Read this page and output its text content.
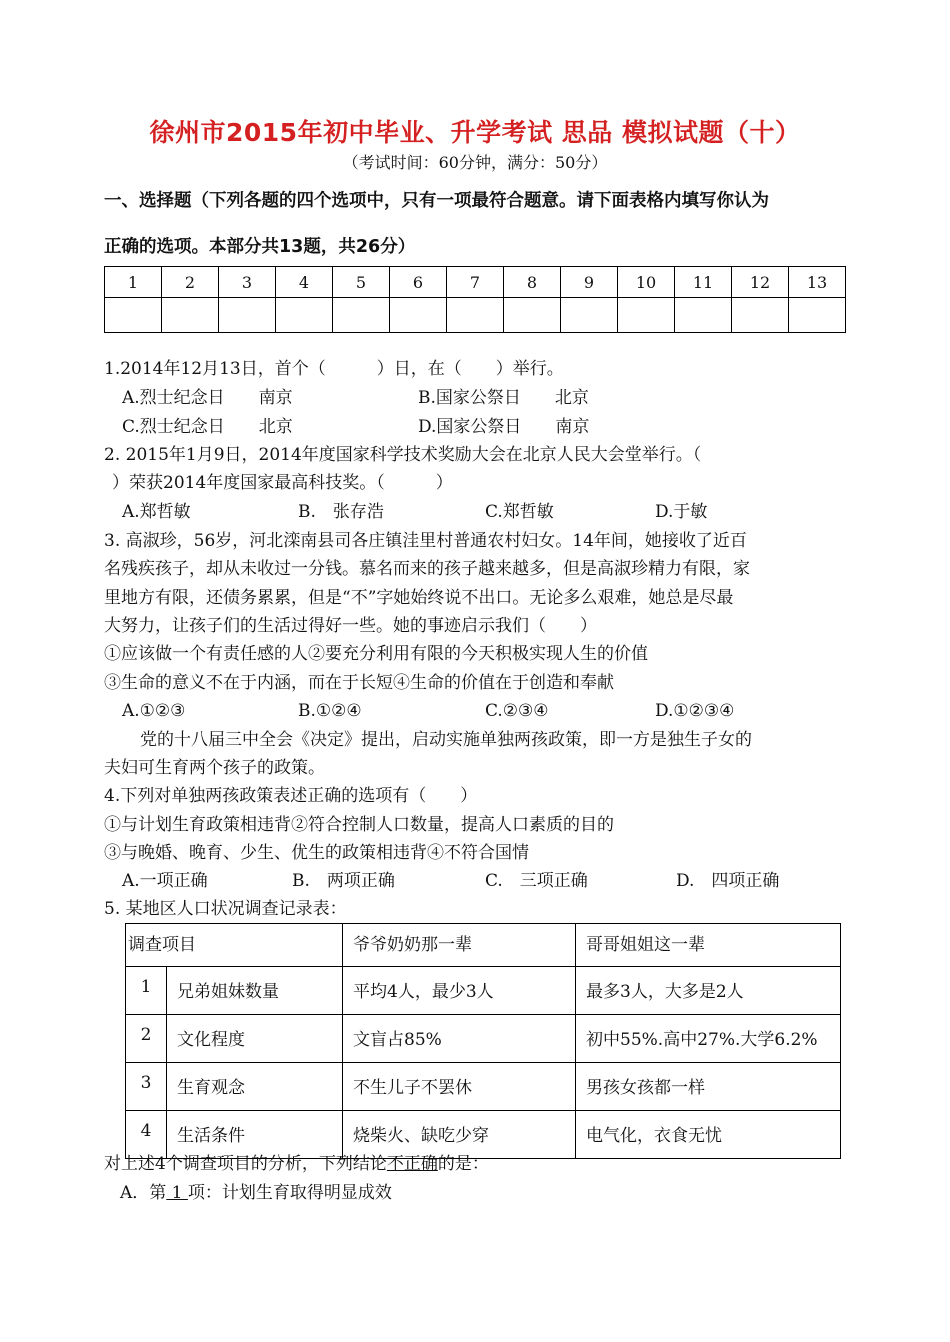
徐州市2015年初中毕业、升学考试 思品 模拟试题（十）
（考试时间：60分钟，满分：50分）
一、选择题（下列各题的四个选项中，只有一项最符合题意。请下面表格内填写你认为
正确的选项。本部分共13题，共26分）
1	2	3	4	5	6	7	8	9	10	11	12	13

1.2014年12月13日，首个（　　　）日，在（　　）举行。
A.烈士纪念日　　南京	B.国家公祭日　　北京
C.烈士纪念日　　北京	D.国家公祭日　　南京
2. 2015年1月9日，2014年度国家科学技术奖励大会在北京人民大会堂举行。（
）荣获2014年度国家最高科技奖。（　　　）
A.郑哲敏	B.　张存浩	C.郑哲敏	D.于敏
3. 高淑珍，56岁，河北滦南县司各庄镇洼里村普通农村妇女。14年间，她接收了近百
名残疾孩子，却从未收过一分钱。慕名而来的孩子越来越多，但是高淑珍精力有限，家
里地方有限，还债务累累，但是“不”字她始终说不出口。无论多么艰难，她总是尽最
大努力，让孩子们的生活过得好一些。她的事迹启示我们（　　）
①应该做一个有责任感的人②要充分利用有限的今天积极实现人生的价值
③生命的意义不在于内涵，而在于长短④生命的价值在于创造和奉献
A.①②③	B.①②④	C.②③④	D.①②③④
党的十八届三中全会《决定》提出，启动实施单独两孩政策，即一方是独生子女的
夫妇可生育两个孩子的政策。
4.下列对单独两孩政策表述正确的选项有（　　）
①与计划生育政策相违背②符合控制人口数量，提高人口素质的目的
③与晚婚、晚育、少生、优生的政策相违背④不符合国情
A.一项正确	B.　两项正确	C.　三项正确	D.　四项正确
5. 某地区人口状况调查记录表：
调查项目		爷爷奶奶那一辈	哥哥姐姐这一辈
1	兄弟姐妹数量	平均4人，最少3人	最多3人，大多是2人
2	文化程度	文盲占85%	初中55%.高中27%.大学6.2%
3	生育观念	不生儿子不罢休	男孩女孩都一样
4	生活条件	烧柴火、缺吃少穿	电气化，衣食无忧
对上述4个调查项目的分析，下列结论不正确的是：
A．第 1 项：计划生育取得明显成效
